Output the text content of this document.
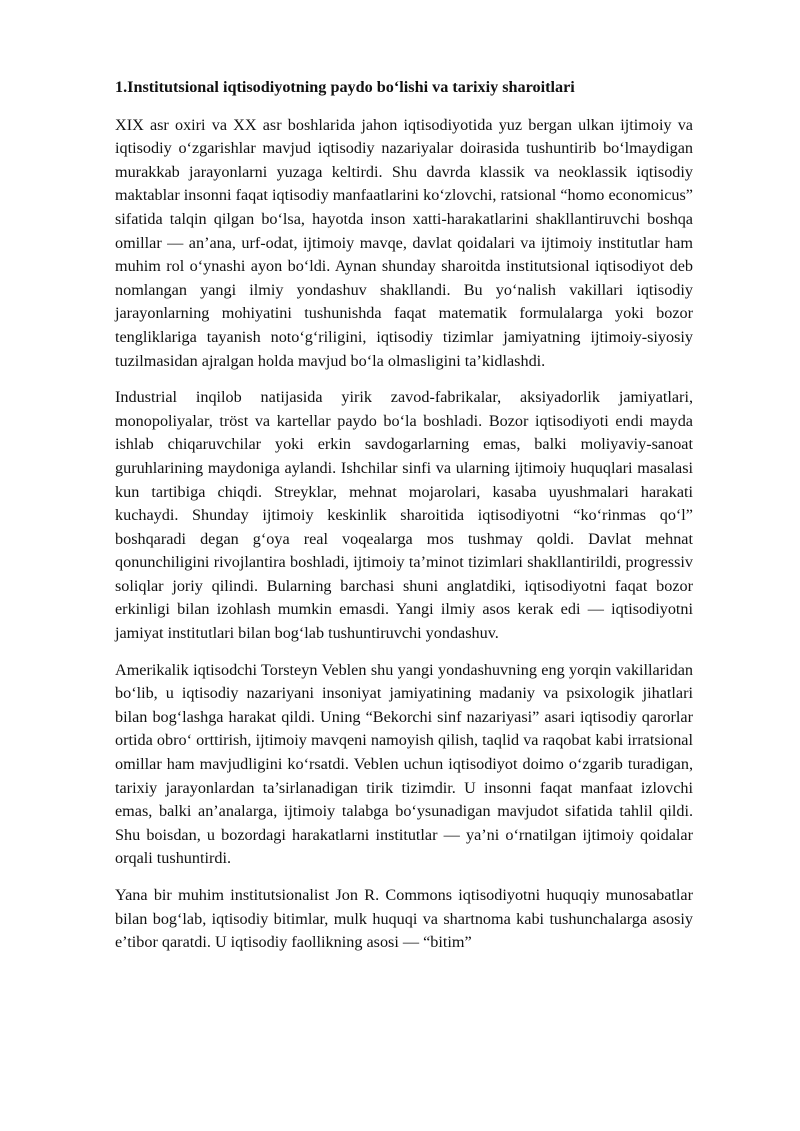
1.Institutsional iqtisodiyotning paydo bo‘lishi va tarixiy sharoitlari

XIX asr oxiri va XX asr boshlarida jahon iqtisodiyotida yuz bergan ulkan ijtimoiy va iqtisodiy o‘zgarishlar mavjud iqtisodiy nazariyalar doirasida tushuntirib bo‘lmaydigan murakkab jarayonlarni yuzaga keltirdi. Shu davrda klassik va neoklassik iqtisodiy maktablar insonni faqat iqtisodiy manfaatlarini ko‘zlovchi, ratsional “homo economicus” sifatida talqin qilgan bo‘lsa, hayotda inson xatti-harakatlarini shakllantiruvchi boshqa omillar — an’ana, urf-odat, ijtimoiy mavqe, davlat qoidalari va ijtimoiy institutlar ham muhim rol o‘ynashi ayon bo‘ldi. Aynan shunday sharoitda institutsional iqtisodiyot deb nomlangan yangi ilmiy yondashuv shakllandi. Bu yo‘nalish vakillari iqtisodiy jarayonlarning mohiyatini tushunishda faqat matematik formulalarga yoki bozor tengliklariga tayanish noto‘g‘riligini, iqtisodiy tizimlar jamiyatning ijtimoiy-siyosiy tuzilmasidan ajralgan holda mavjud bo‘la olmasligini ta’kidlashdi.

Industrial inqilob natijasida yirik zavod-fabrikalar, aksiyadorlik jamiyatlari, monopoliyalar, tröst va kartellar paydo bo‘la boshladi. Bozor iqtisodiyoti endi mayda ishlab chiqaruvchilar yoki erkin savdogarlarning emas, balki moliyaviy-sanoat guruhlarining maydoniga aylandi. Ishchilar sinfi va ularning ijtimoiy huquqlari masalasi kun tartibiga chiqdi. Streyklar, mehnat mojarolari, kasaba uyushmalari harakati kuchaydi. Shunday ijtimoiy keskinlik sharoitida iqtisodiyotni “ko‘rinmas qo‘l” boshqaradi degan g‘oya real voqealarga mos tushmay qoldi. Davlat mehnat qonunchiligini rivojlantira boshladi, ijtimoiy ta’minot tizimlari shakllantirildi, progressiv soliqlar joriy qilindi. Bularning barchasi shuni anglatdiki, iqtisodiyotni faqat bozor erkinligi bilan izohlash mumkin emasdi. Yangi ilmiy asos kerak edi — iqtisodiyotni jamiyat institutlari bilan bog‘lab tushuntiruvchi yondashuv.

Amerikalik iqtisodchi Torsteyn Veblen shu yangi yondashuvning eng yorqin vakillaridan bo‘lib, u iqtisodiy nazariyani insoniyat jamiyatining madaniy va psixologik jihatlari bilan bog‘lashga harakat qildi. Uning “Bekorchi sinf nazariyasi” asari iqtisodiy qarorlar ortida obro‘ orttirish, ijtimoiy mavqeni namoyish qilish, taqlid va raqobat kabi irratsional omillar ham mavjudligini ko‘rsatdi. Veblen uchun iqtisodiyot doimo o‘zgarib turadigan, tarixiy jarayonlardan ta’sirlanadigan tirik tizimdir. U insonni faqat manfaat izlovchi emas, balki an’analarga, ijtimoiy talabga bo‘ysunadigan mavjudot sifatida tahlil qildi. Shu boisdan, u bozordagi harakatlarni institutlar — ya’ni o‘rnatilgan ijtimoiy qoidalar orqali tushuntirdi.

Yana bir muhim institutsionalist Jon R. Commons iqtisodiyotni huquqiy munosabatlar bilan bog‘lab, iqtisodiy bitimlar, mulk huquqi va shartnoma kabi tushunchalarga asosiy e’tibor qaratdi. U iqtisodiy faollikning asosi — “bitim”
